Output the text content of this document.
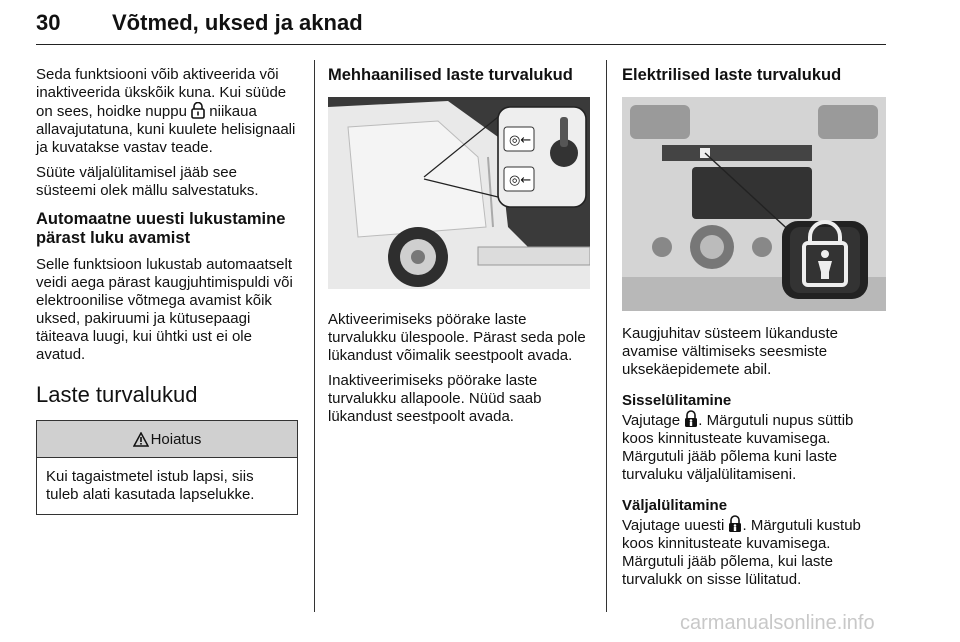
30 Võtmed, uksed ja aknad

Seda funktsiooni võib aktiveerida või inaktiveerida ükskõik kuna. Kui süüde on sees, hoidke nuppu niikaua allavajutatuna, kuni kuulete helisignaali ja kuvatakse vastav teade.

Süüte väljalülitamisel jääb see süsteemi olek mällu salvestatuks.

Automaatne uuesti lukustamine pärast luku avamist

Selle funktsioon lukustab automaatselt veidi aega pärast kaugjuhtimispuldi või elektroonilise võtmega avamist kõik uksed, pakiruumi ja kütusepaagi täiteava luugi, kui ühtki ust ei ole avatud.

Laste turvalukud
Hoiatus
Kui tagaistmetel istub lapsi, siis tuleb alati kasutada lapselukke.
Mehhaanilised laste turvalukud
◎←
◎←

Aktiveerimiseks pöörake laste turvalukku ülespoole. Pärast seda pole lükandust võimalik seestpoolt avada.

Inaktiveerimiseks pöörake laste turvalukku allapoole. Nüüd saab lükandust seestpoolt avada.

Elektrilised laste turvalukud

Kaugjuhitav süsteem lükanduste avamise vältimiseks seesmiste uksekäepidemete abil.

Sisselülitamine

Vajutage . Märgutuli nupus süttib koos kinnitusteate kuvamisega. Märgutuli jääb põlema kuni laste turvaluku väljalülitamiseni.

Väljalülitamine

Vajutage uuesti . Märgutuli kustub koos kinnitusteate kuvamisega. Märgutuli jääb põlema, kui laste turvalukk on sisse lülitatud.

carmanualsonline.info
